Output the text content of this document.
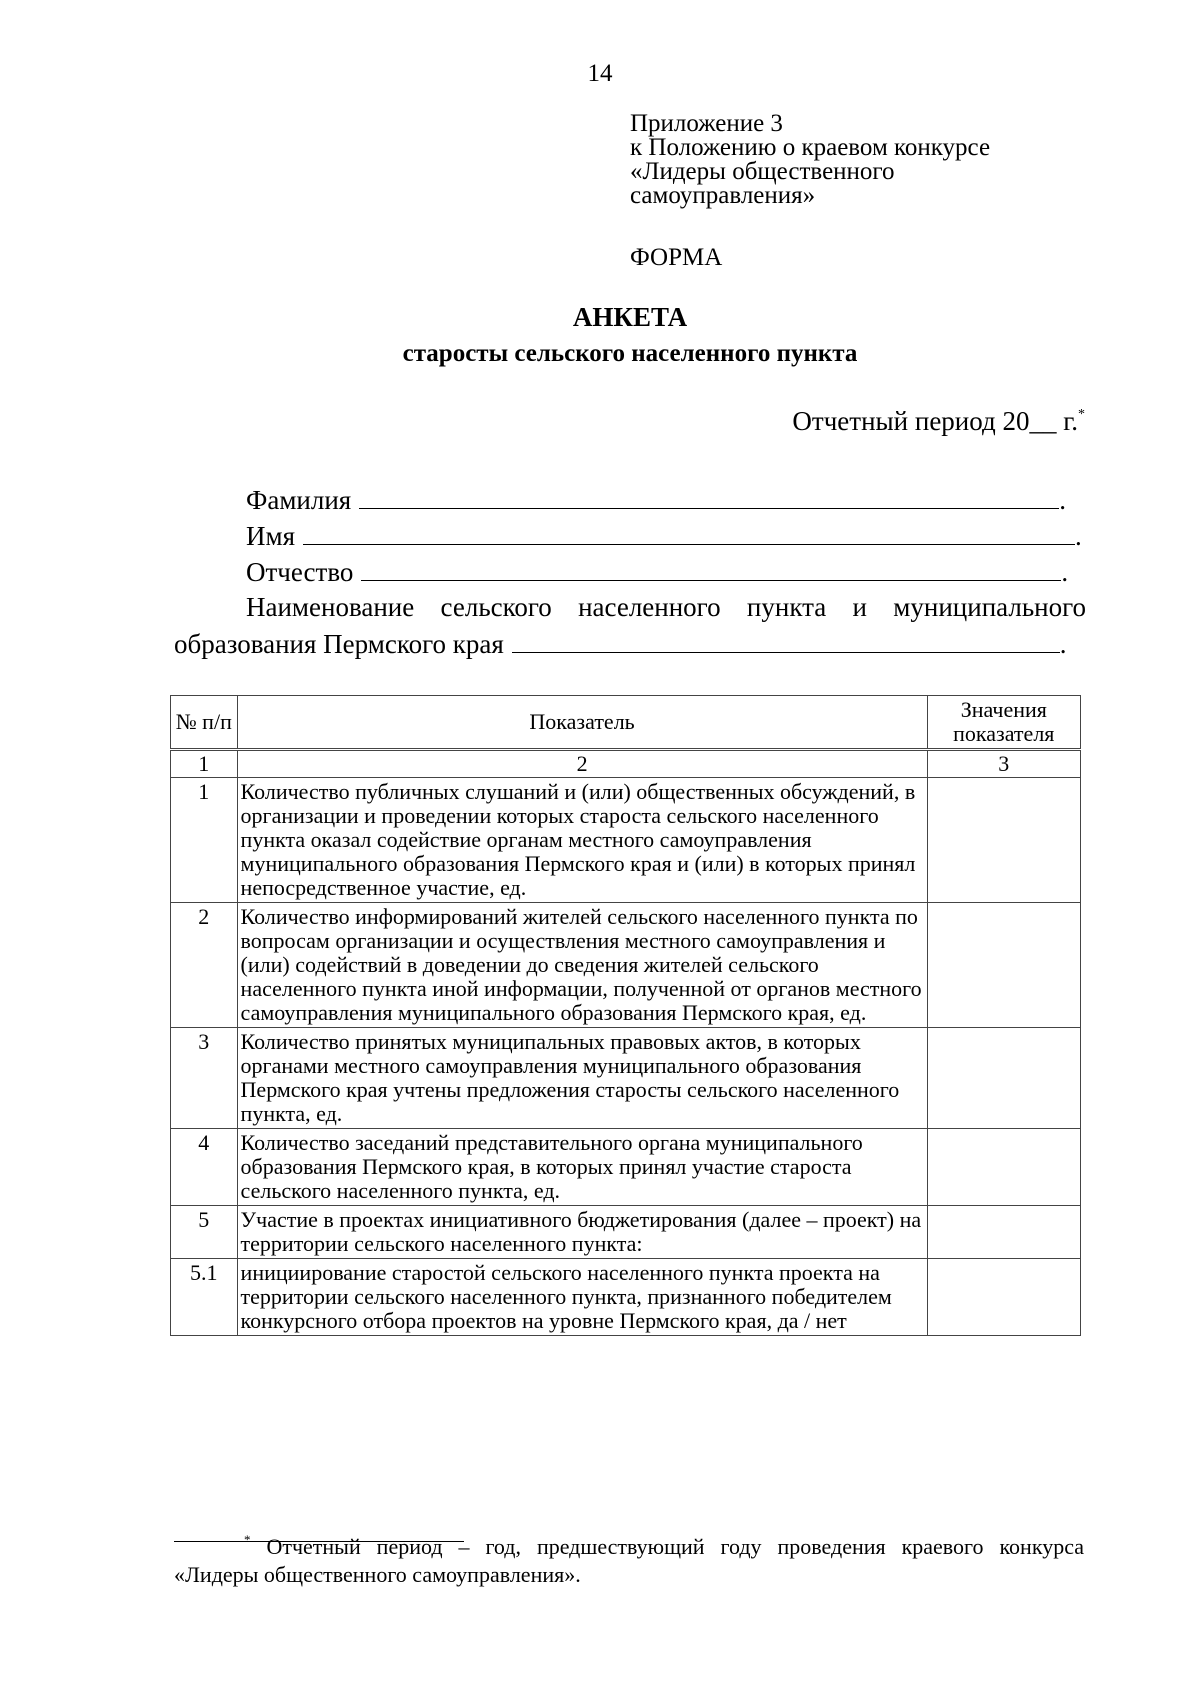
14
Приложение 3
к Положению о краевом конкурсе
«Лидеры общественного
самоуправления»
ФОРМА
АНКЕТА
старосты сельского населенного пункта
Отчетный период 20__ г.*
Фамилия	.
Имя	.
Отчество	.
Наименование сельского населенного пункта и муниципального
образования Пермского края	.
№ п/п	Показатель	Значения показателя
1	2	3
1	Количество публичных слушаний и (или) общественных обсуждений, в организации и проведении которых староста сельского населенного пункта оказал содействие органам местного самоуправления муниципального образования Пермского края и (или) в которых принял непосредственное участие, ед.	
2	Количество информирований жителей сельского населенного пункта по вопросам организации и осуществления местного самоуправления и (или) содействий в доведении до сведения жителей сельского населенного пункта иной информации, полученной от органов местного самоуправления муниципального образования Пермского края, ед.	
3	Количество принятых муниципальных правовых актов, в которых органами местного самоуправления муниципального образования Пермского края учтены предложения старосты сельского населенного пункта, ед.	
4	Количество заседаний представительного органа муниципального образования Пермского края, в которых принял участие староста сельского населенного пункта, ед.	
5	Участие в проектах инициативного бюджетирования (далее – проект) на территории сельского населенного пункта:	
5.1	инициирование старостой сельского населенного пункта проекта на территории сельского населенного пункта, признанного победителем конкурсного отбора проектов на уровне Пермского края, да / нет	
* Отчетный период – год, предшествующий году проведения краевого конкурса
«Лидеры общественного самоуправления».
